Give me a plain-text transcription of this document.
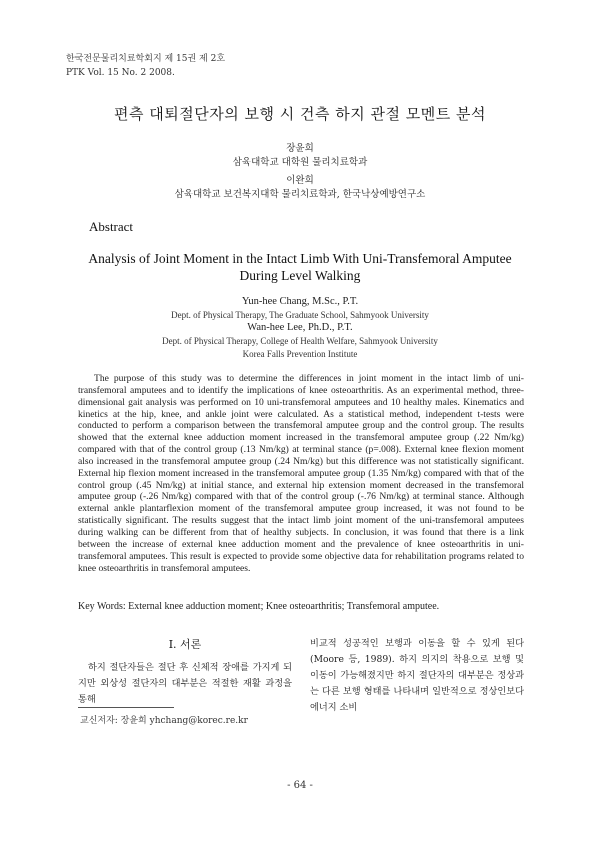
한국전문물리치료학회지 제 15권 제 2호
PTK Vol. 15 No. 2 2008.
편측 대퇴절단자의 보행 시 건측 하지 관절 모멘트 분석
장윤희
삼육대학교 대학원 물리치료학과
이완희
삼육대학교 보건복지대학 물리치료학과, 한국낙상예방연구소
Abstract
Analysis of Joint Moment in the Intact Limb With Uni-Transfemoral Amputee
During Level Walking
Yun-hee Chang, M.Sc., P.T.
Dept. of Physical Therapy, The Graduate School, Sahmyook University
Wan-hee Lee, Ph.D., P.T.
Dept. of Physical Therapy, College of Health Welfare, Sahmyook University
Korea Falls Prevention Institute
The purpose of this study was to determine the differences in joint moment in the intact limb of uni-transfemoral amputees and to identify the implications of knee osteoarthritis. As an experimental method, three-dimensional gait analysis was performed on 10 uni-transfemoral amputees and 10 healthy males. Kinematics and kinetics at the hip, knee, and ankle joint were calculated. As a statistical method, independent t-tests were conducted to perform a comparison between the transfemoral amputee group and the control group. The results showed that the external knee adduction moment increased in the transfemoral amputee group (.22 Nm/kg) compared with that of the control group (.13 Nm/kg) at terminal stance (p=.008). External knee flexion moment also increased in the transfemoral amputee group (.24 Nm/kg) but this difference was not statistically significant. External hip flexion moment increased in the transfemoral amputee group (1.35 Nm/kg) compared with that of the control group (.45 Nm/kg) at initial stance, and external hip extension moment decreased in the transfemoral amputee group (-.26 Nm/kg) compared with that of the control group (-.76 Nm/kg) at terminal stance. Although external ankle plantarflexion moment of the transfemoral amputee group increased, it was not found to be statistically significant. The results suggest that the intact limb joint moment of the uni-transfemoral amputees during walking can be different from that of healthy subjects. In conclusion, it was found that there is a link between the increase of external knee adduction moment and the prevalence of knee osteoarthritis in uni-transfemoral amputees. This result is expected to provide some objective data for rehabilitation programs related to knee osteoarthritis in transfemoral amputees.
Key Words: External knee adduction moment; Knee osteoarthritis; Transfemoral amputee.
Ⅰ. 서론
하지 절단자들은 절단 후 신체적 장애를 가지게 되지만 외상성 절단자의 대부분은 적절한 재활 과정을 통해
비교적 성공적인 보행과 이동을 할 수 있게 된다(Moore 등, 1989). 하지 의지의 착용으로 보행 및 이동이 가능해졌지만 하지 절단자의 대부분은 정상과는 다른 보행 형태를 나타내며 일반적으로 정상인보다 에너지 소비
교신저자: 장윤희 yhchang@korec.re.kr
- 64 -
